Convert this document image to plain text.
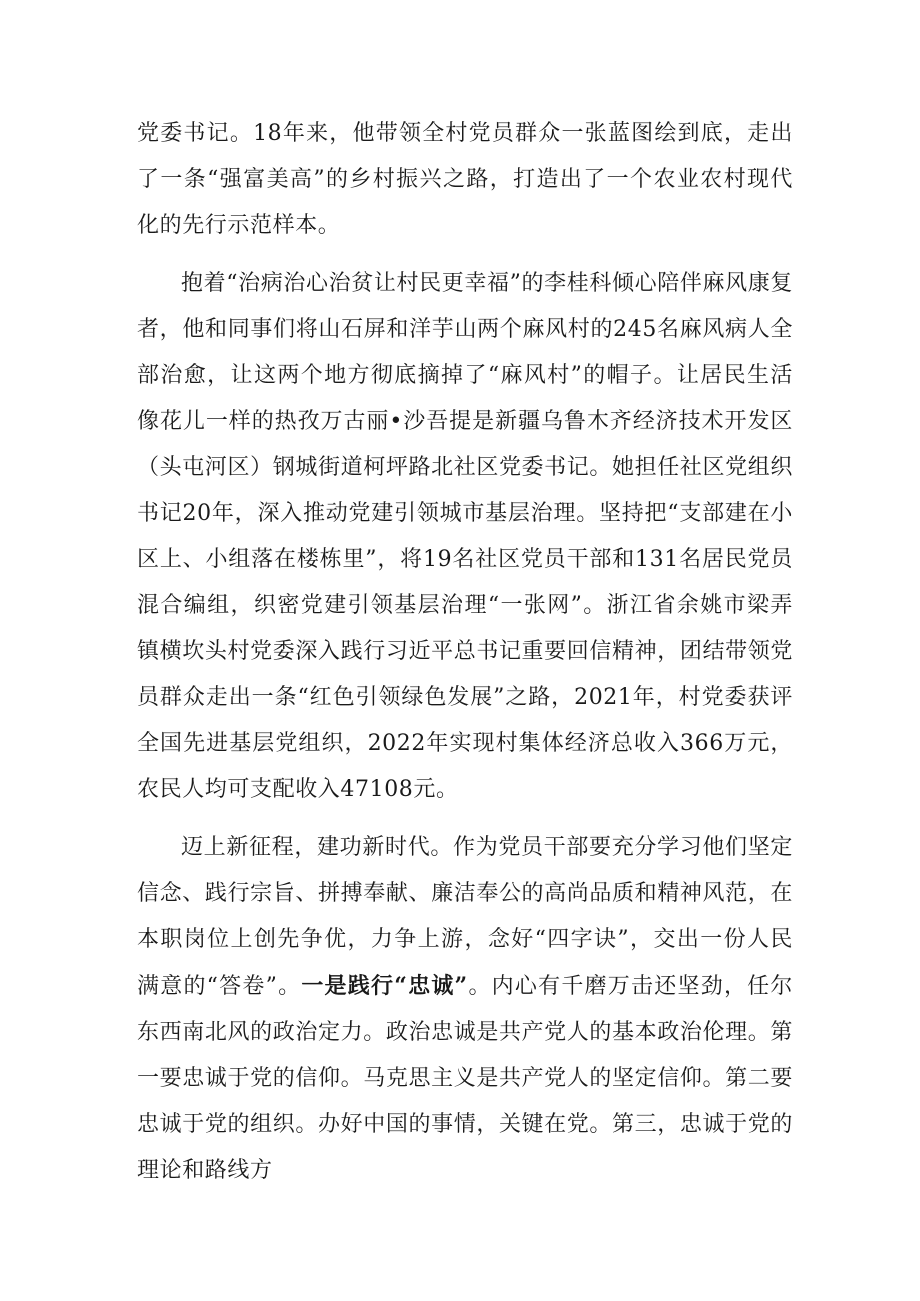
党委书记。18年来，他带领全村党员群众一张蓝图绘到底，走出了一条“强富美高”的乡村振兴之路，打造出了一个农业农村现代化的先行示范样本。

抱着“治病治心治贫让村民更幸福”的李桂科倾心陪伴麻风康复者，他和同事们将山石屏和洋芋山两个麻风村的245名麻风病人全部治愈，让这两个地方彻底摘掉了“麻风村”的帽子。让居民生活像花儿一样的热孜万古丽•沙吾提是新疆乌鲁木齐经济技术开发区（头屯河区）钢城街道柯坪路北社区党委书记。她担任社区党组织书记20年，深入推动党建引领城市基层治理。坚持把“支部建在小区上、小组落在楼栋里”，将19名社区党员干部和131名居民党员混合编组，织密党建引领基层治理“一张网”。浙江省余姚市梁弄镇横坎头村党委深入践行习近平总书记重要回信精神，团结带领党员群众走出一条“红色引领绿色发展”之路，2021年，村党委获评全国先进基层党组织，2022年实现村集体经济总收入366万元，农民人均可支配收入47108元。

迈上新征程，建功新时代。作为党员干部要充分学习他们坚定信念、践行宗旨、拼搏奉献、廉洁奉公的高尚品质和精神风范，在本职岗位上创先争优，力争上游，念好“四字诀”，交出一份人民满意的“答卷”。一是践行“忠诚”。内心有千磨万击还坚劲，任尔东西南北风的政治定力。政治忠诚是共产党人的基本政治伦理。第一要忠诚于党的信仰。马克思主义是共产党人的坚定信仰。第二要忠诚于党的组织。办好中国的事情，关键在党。第三，忠诚于党的理论和路线方
